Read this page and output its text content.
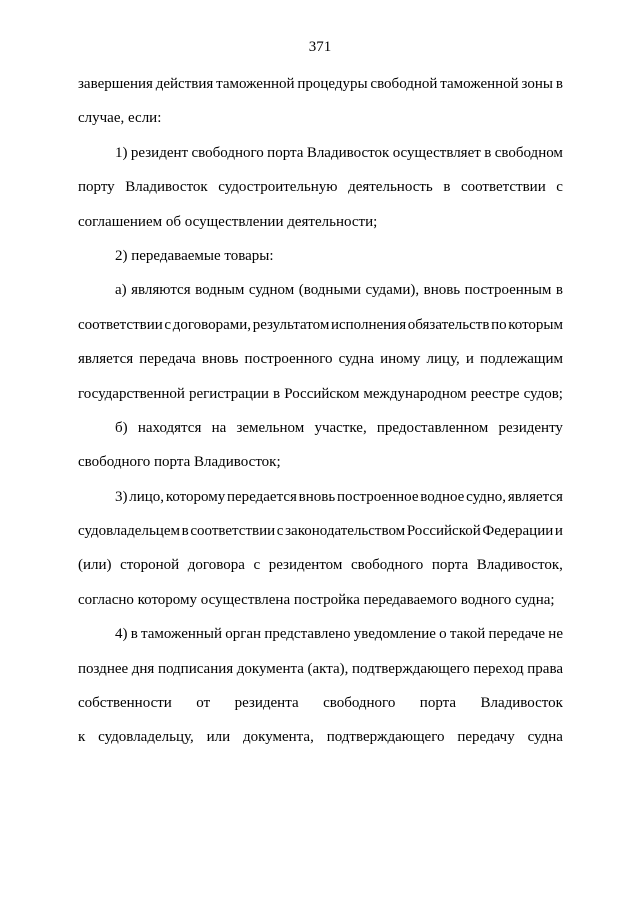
371
завершения действия таможенной процедуры свободной таможенной зоны в
случае, если:
1) резидент свободного порта Владивосток осуществляет в свободном
порту Владивосток судостроительную деятельность в соответствии с
соглашением об осуществлении деятельности;
2) передаваемые товары:
а) являются водным судном (водными судами), вновь построенным в
соответствии с договорами, результатом исполнения обязательств по которым
является передача вновь построенного судна иному лицу, и подлежащим
государственной регистрации в Российском международном реестре судов;
б) находятся на земельном участке, предоставленном резиденту
свободного порта Владивосток;
3) лицо, которому передается вновь построенное водное судно, является
судовладельцем в соответствии с законодательством Российской Федерации и
(или) стороной договора с резидентом свободного порта Владивосток,
согласно которому осуществлена постройка передаваемого водного судна;
4) в таможенный орган представлено уведомление о такой передаче не
позднее дня подписания документа (акта), подтверждающего переход права
собственности от резидента свободного порта Владивосток
к судовладельцу, или документа, подтверждающего передачу судна
